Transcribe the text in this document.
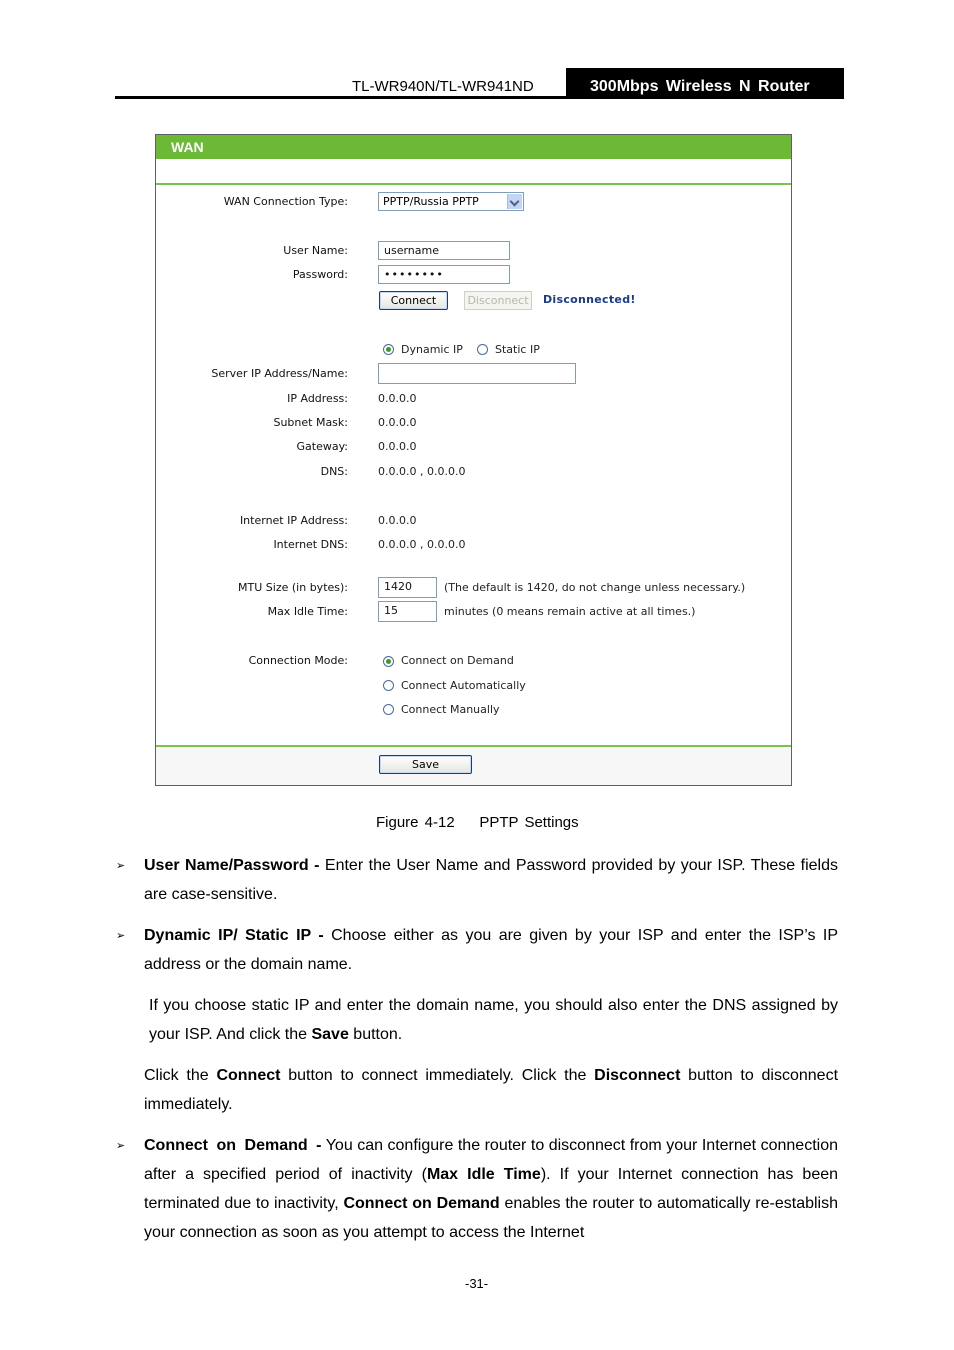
TL-WR940N/TL-WR941ND	300Mbps Wireless N Router
WAN
WAN Connection Type:	PPTP/Russia PPTP
User Name:	username
Password:	••••••••
Connect	Disconnect	Disconnected!
Dynamic IP	Static IP
Server IP Address/Name:
IP Address:	0.0.0.0
Subnet Mask:	0.0.0.0
Gateway:	0.0.0.0
DNS:	0.0.0.0 , 0.0.0.0
Internet IP Address:	0.0.0.0
Internet DNS:	0.0.0.0 , 0.0.0.0
MTU Size (in bytes):	1420	(The default is 1420, do not change unless necessary.)
Max Idle Time:	15	minutes (0 means remain active at all times.)
Connection Mode:	Connect on Demand
Connect Automatically
Connect Manually
Save
Figure 4-12    PPTP Settings
➢ User Name/Password - Enter the User Name and Password provided by your ISP. These fields are case-sensitive.
➢ Dynamic IP/ Static IP - Choose either as you are given by your ISP and enter the ISP’s IP address or the domain name.
If you choose static IP and enter the domain name, you should also enter the DNS assigned by your ISP. And click the Save button.
Click the Connect button to connect immediately. Click the Disconnect button to disconnect immediately.
➢ Connect on Demand - You can configure the router to disconnect from your Internet connection after a specified period of inactivity (Max Idle Time). If your Internet connection has been terminated due to inactivity, Connect on Demand enables the router to automatically re-establish your connection as soon as you attempt to access the Internet
-31-
